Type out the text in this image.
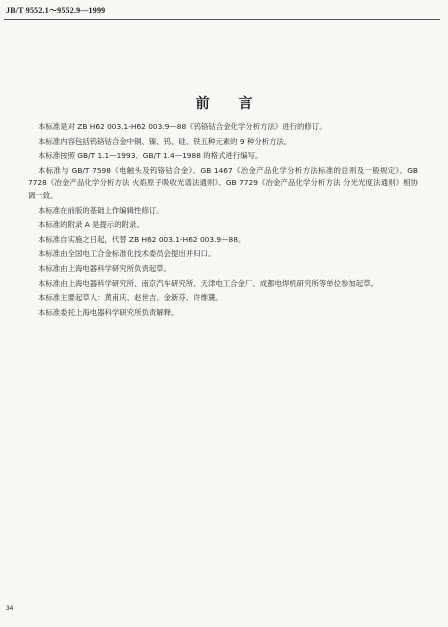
JB/T 9552.1～9552.9—1999
前 言

本标准是对 ZB H62 003.1-H62 003.9—88《钨铬钴合金化学分析方法》进行的修订。

本标准内容包括钨铬钴合金中铜、镍、钨、硅、铁五种元素的 9 种分析方法。

本标准按照 GB/T 1.1—1993、GB/T 1.4—1988 的格式进行编写。

本标准与 GB/T 7598《电触头及钨铬钴合金》、GB 1467《冶金产品化学分析方法标准的总则及一般规定》、GB 7728《冶金产品化学分析方法 火焰原子吸收光谱法通则》、GB 7729《冶金产品化学分析方法 分光光度法通则》相协调一致。

本标准在前版的基础上作编辑性修订。

本标准的附录 A 是提示的附录。

本标准自实施之日起，代替 ZB H62 003.1-H62 003.9—88。

本标准由全国电工合金标准化技术委员会提出并归口。

本标准由上海电器科学研究所负责起草。

本标准由上海电器科学研究所、南京汽车研究所、天津电工合金厂、成都电焊机研究所等单位参加起草。

本标准主要起草人：黄甫庆、赵世吉、金新芬、许维篪。

本标准委托上海电器科学研究所负责解释。

34
